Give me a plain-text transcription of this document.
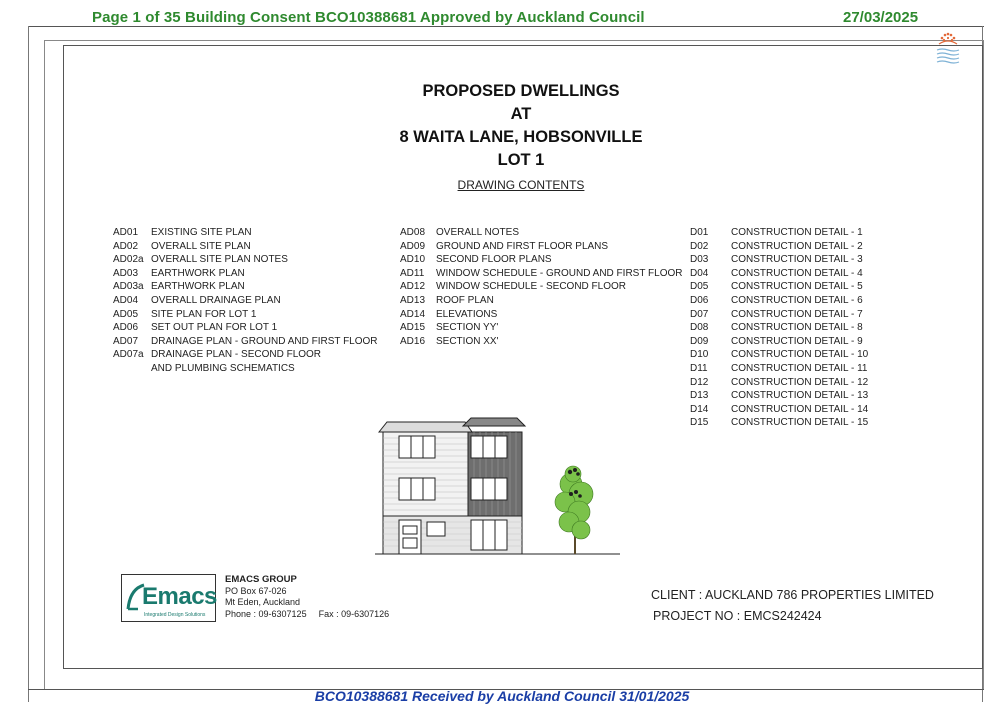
Page 1 of 35 Building Consent BCO10388681 Approved by Auckland Council	27/03/2025
PROPOSED DWELLINGS
AT
8 WAITA LANE, HOBSONVILLE
LOT 1
DRAWING CONTENTS
AD01 EXISTING SITE PLAN
AD02 OVERALL SITE PLAN
AD02a OVERALL SITE PLAN NOTES
AD03 EARTHWORK PLAN
AD03a EARTHWORK PLAN
AD04 OVERALL DRAINAGE PLAN
AD05 SITE PLAN FOR LOT 1
AD06 SET OUT PLAN FOR LOT 1
AD07 DRAINAGE PLAN - GROUND AND FIRST FLOOR
AD07a DRAINAGE PLAN - SECOND FLOOR
AND PLUMBING SCHEMATICS
AD08 OVERALL NOTES
AD09 GROUND AND FIRST FLOOR PLANS
AD10 SECOND FLOOR PLANS
AD11 WINDOW SCHEDULE - GROUND AND FIRST FLOOR
AD12 WINDOW SCHEDULE - SECOND FLOOR
AD13 ROOF PLAN
AD14 ELEVATIONS
AD15 SECTION YY'
AD16 SECTION XX'
D01 CONSTRUCTION DETAIL - 1
D02 CONSTRUCTION DETAIL - 2
D03 CONSTRUCTION DETAIL - 3
D04 CONSTRUCTION DETAIL - 4
D05 CONSTRUCTION DETAIL - 5
D06 CONSTRUCTION DETAIL - 6
D07 CONSTRUCTION DETAIL - 7
D08 CONSTRUCTION DETAIL - 8
D09 CONSTRUCTION DETAIL - 9
D10 CONSTRUCTION DETAIL - 10
D11 CONSTRUCTION DETAIL - 11
D12 CONSTRUCTION DETAIL - 12
D13 CONSTRUCTION DETAIL - 13
D14 CONSTRUCTION DETAIL - 14
D15 CONSTRUCTION DETAIL - 15
Emacs
Integrated Design Solutions
EMACS GROUP
PO Box 67-026
Mt Eden, Auckland
Phone : 09-6307125 Fax : 09-6307126
CLIENT : AUCKLAND 786 PROPERTIES LIMITED
PROJECT NO : EMCS242424
BCO10388681 Received by Auckland Council 31/01/2025
